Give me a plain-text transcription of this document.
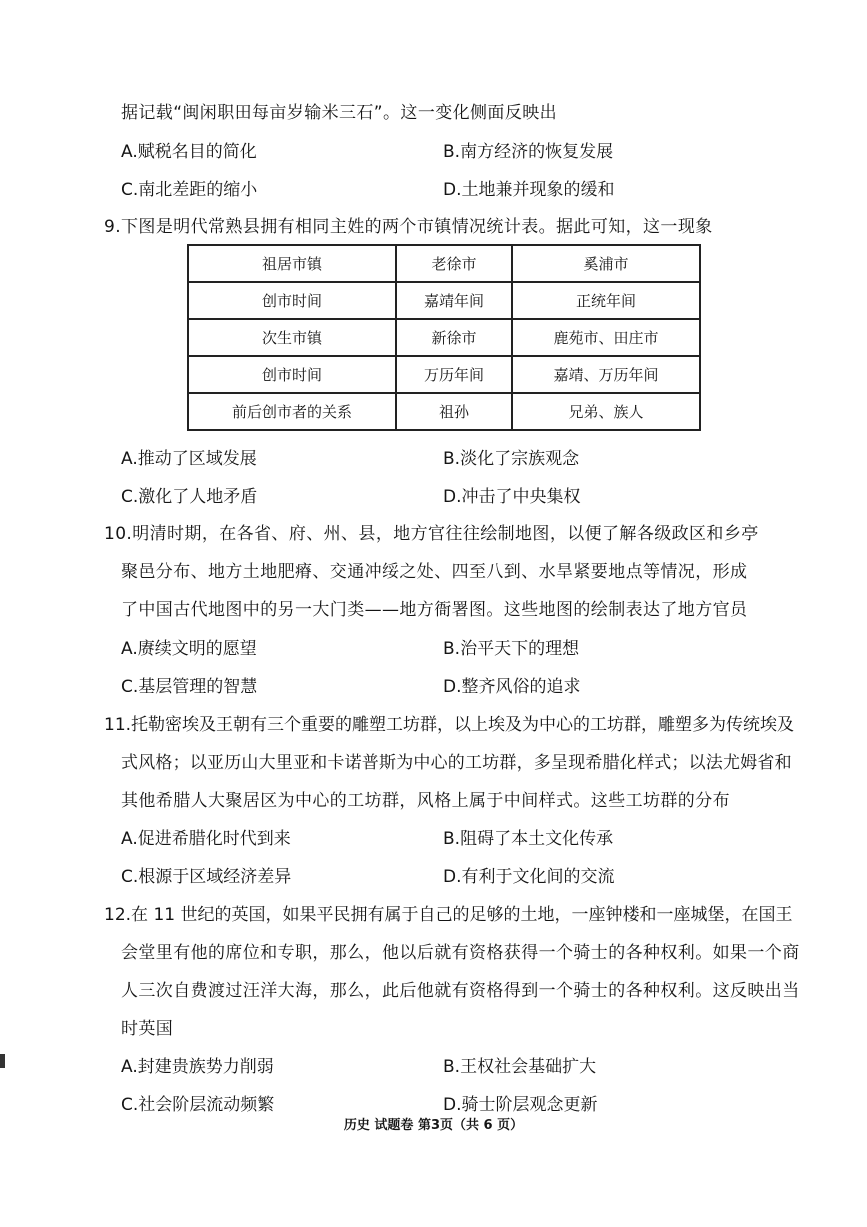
据记载“闽闲职田每亩岁输米三石”。这一变化侧面反映出
A.赋税名目的简化	B.南方经济的恢复发展
C.南北差距的缩小	D.土地兼并现象的缓和
9.下图是明代常熟县拥有相同主姓的两个市镇情况统计表。据此可知，这一现象
祖居市镇	老徐市	奚浦市
创市时间	嘉靖年间	正统年间
次生市镇	新徐市	鹿苑市、田庄市
创市时间	万历年间	嘉靖、万历年间
前后创市者的关系	祖孙	兄弟、族人
A.推动了区域发展	B.淡化了宗族观念
C.激化了人地矛盾	D.冲击了中央集权
10.明清时期，在各省、府、州、县，地方官往往绘制地图，以便了解各级政区和乡亭
聚邑分布、地方土地肥瘠、交通冲绥之处、四至八到、水旱紧要地点等情况，形成
了中国古代地图中的另一大门类——地方衙署图。这些地图的绘制表达了地方官员
A.赓续文明的愿望	B.治平天下的理想
C.基层管理的智慧	D.整齐风俗的追求
11.托勒密埃及王朝有三个重要的雕塑工坊群，以上埃及为中心的工坊群，雕塑多为传统埃及
式风格；以亚历山大里亚和卡诺普斯为中心的工坊群，多呈现希腊化样式；以法尤姆省和
其他希腊人大聚居区为中心的工坊群，风格上属于中间样式。这些工坊群的分布
A.促进希腊化时代到来	B.阻碍了本土文化传承
C.根源于区域经济差异	D.有利于文化间的交流
12.在 11 世纪的英国，如果平民拥有属于自己的足够的土地，一座钟楼和一座城堡，在国王
会堂里有他的席位和专职，那么，他以后就有资格获得一个骑士的各种权利。如果一个商
人三次自费渡过汪洋大海，那么，此后他就有资格得到一个骑士的各种权利。这反映出当
时英国
A.封建贵族势力削弱	B.王权社会基础扩大
C.社会阶层流动频繁	D.骑士阶层观念更新
历史 试题卷 第3页（共 6 页）
